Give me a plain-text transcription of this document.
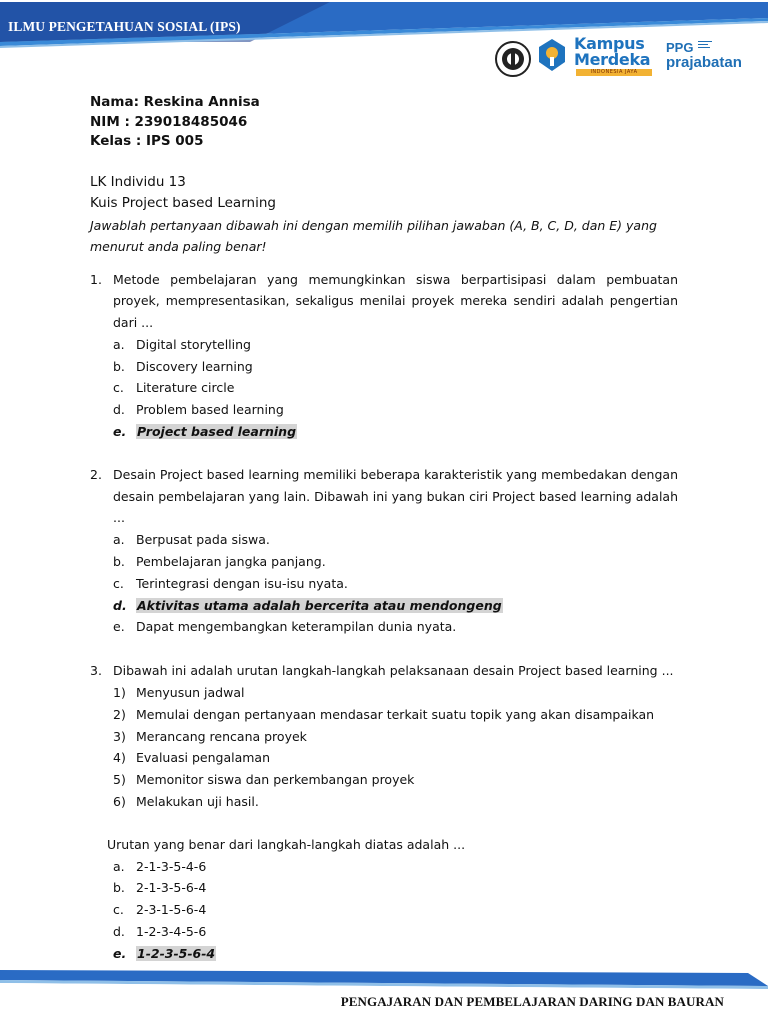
ILMU PENGETAHUAN SOSIAL (IPS)
Kampus
Merdeka
INDONESIA JAYA
PPG
prajabatan
Nama: Reskina Annisa
NIM : 239018485046
Kelas : IPS 005
LK Individu 13
Kuis Project based Learning
Jawablah pertanyaan dibawah ini dengan memilih pilihan jawaban (A, B, C, D, dan E) yang menurut anda paling benar!
1. Metode pembelajaran yang memungkinkan siswa berpartisipasi dalam pembuatan proyek, mempresentasikan, sekaligus menilai proyek mereka sendiri adalah pengertian dari ...
a. Digital storytelling
b. Discovery learning
c. Literature circle
d. Problem based learning
e. Project based learning
2. Desain Project based learning memiliki beberapa karakteristik yang membedakan dengan desain pembelajaran yang lain. Dibawah ini yang bukan ciri Project based learning adalah ...
a. Berpusat pada siswa.
b. Pembelajaran jangka panjang.
c. Terintegrasi dengan isu-isu nyata.
d. Aktivitas utama adalah bercerita atau mendongeng
e. Dapat mengembangkan keterampilan dunia nyata.
3. Dibawah ini adalah urutan langkah-langkah pelaksanaan desain Project based learning ...
1) Menyusun jadwal
2) Memulai dengan pertanyaan mendasar terkait suatu topik yang akan disampaikan
3) Merancang rencana proyek
4) Evaluasi pengalaman
5) Memonitor siswa dan perkembangan proyek
6) Melakukan uji hasil.
Urutan yang benar dari langkah-langkah diatas adalah ...
a. 2-1-3-5-4-6
b. 2-1-3-5-6-4
c. 2-3-1-5-6-4
d. 1-2-3-4-5-6
e. 1-2-3-5-6-4
PENGAJARAN DAN PEMBELAJARAN DARING DAN BAURAN
